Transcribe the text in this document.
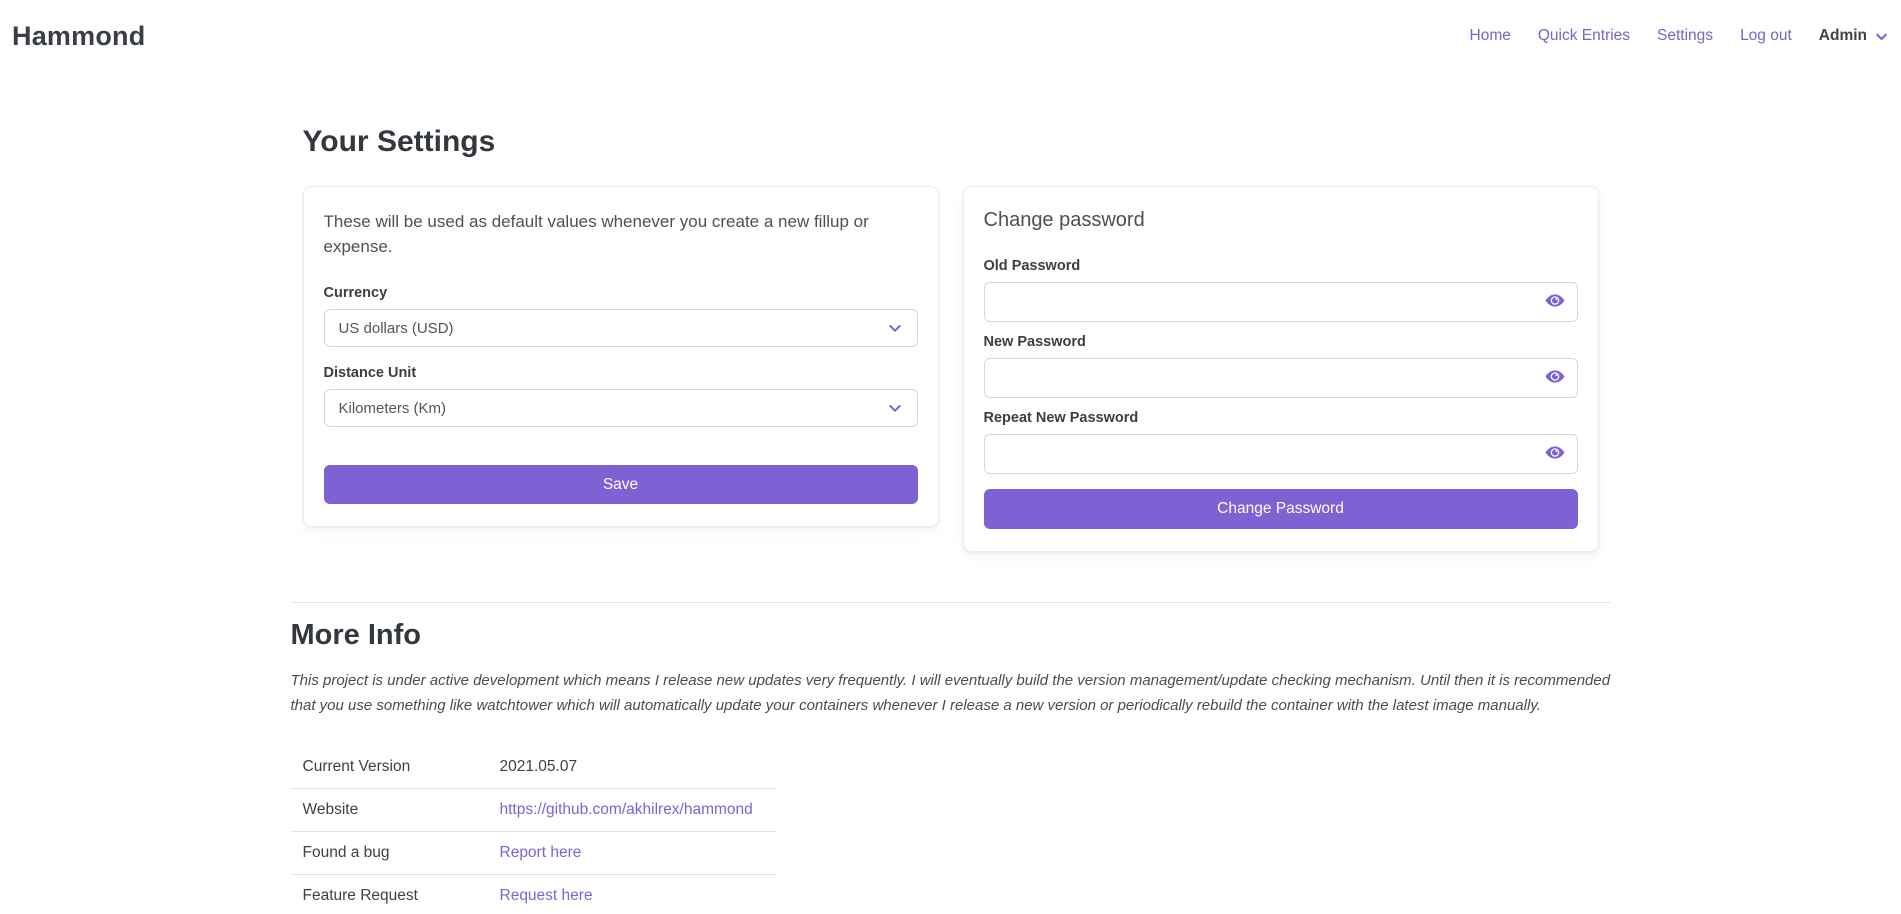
Hammond	Home Quick Entries Settings Log out Admin
Your Settings

These will be used as default values whenever you create a new fillup or expense.

Currency
US dollars (USD)
Distance Unit
Kilometers (Km)
Save
Change password
Old Password
New Password
Repeat New Password
Change Password
More Info

This project is under active development which means I release new updates very frequently. I will eventually build the version management/update checking mechanism. Until then it is recommended that you use something like watchtower which will automatically update your containers whenever I release a new version or periodically rebuild the container with the latest image manually.

Current Version	2021.05.07
Website	https://github.com/akhilrex/hammond
Found a bug	Report here
Feature Request	Request here
